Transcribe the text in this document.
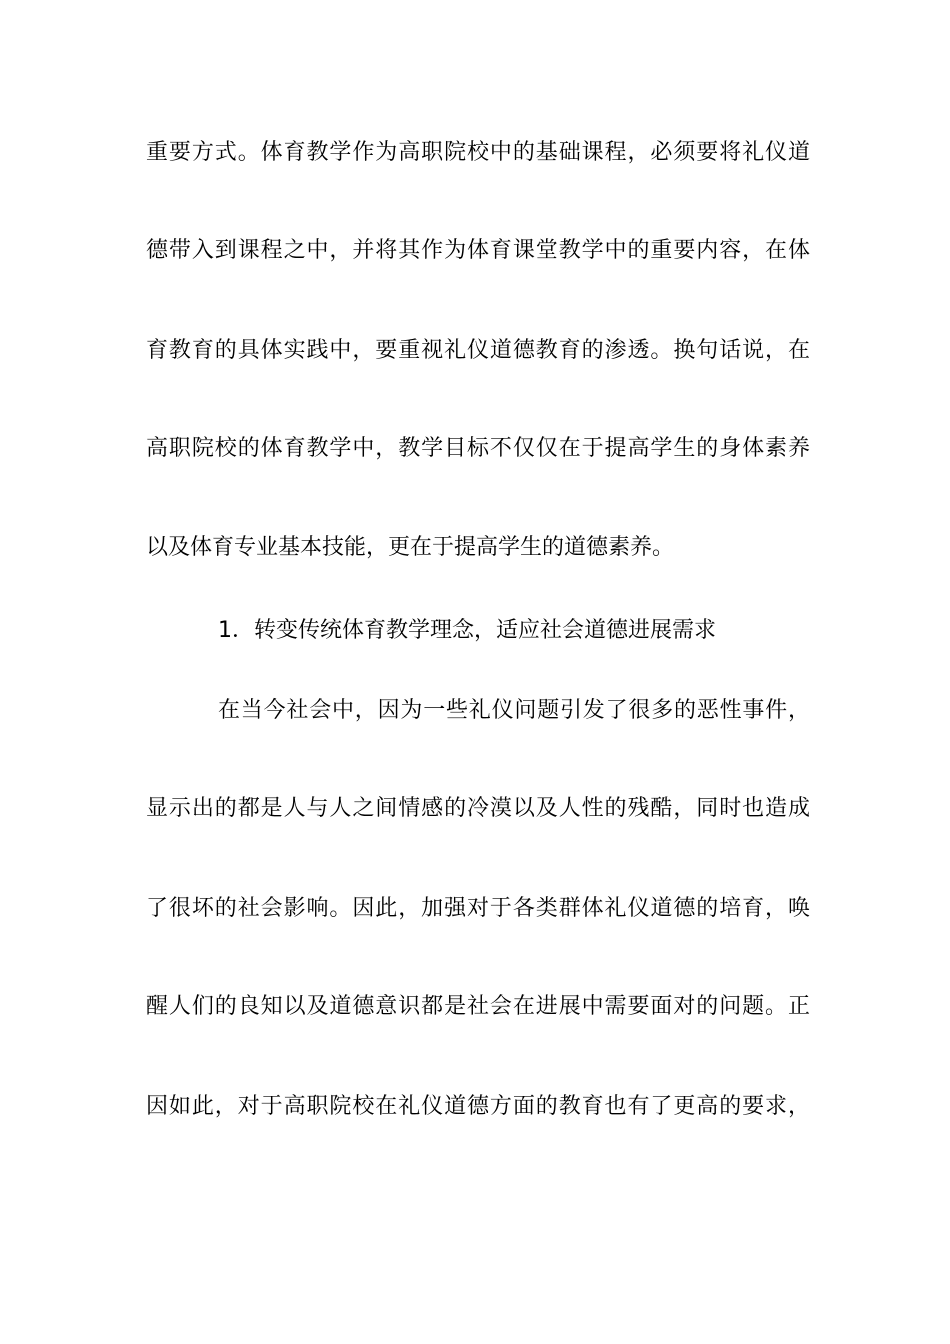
重要方式。体育教学作为高职院校中的基础课程，必须要将礼仪道
德带入到课程之中，并将其作为体育课堂教学中的重要内容，在体
育教育的具体实践中，要重视礼仪道德教育的渗透。换句话说，在
高职院校的体育教学中，教学目标不仅仅在于提高学生的身体素养
以及体育专业基本技能，更在于提高学生的道德素养。
1．转变传统体育教学理念，适应社会道德进展需求
在当今社会中，因为一些礼仪问题引发了很多的恶性事件，
显示出的都是人与人之间情感的冷漠以及人性的残酷，同时也造成
了很坏的社会影响。因此，加强对于各类群体礼仪道德的培育，唤
醒人们的良知以及道德意识都是社会在进展中需要面对的问题。正
因如此，对于高职院校在礼仪道德方面的教育也有了更高的要求，
